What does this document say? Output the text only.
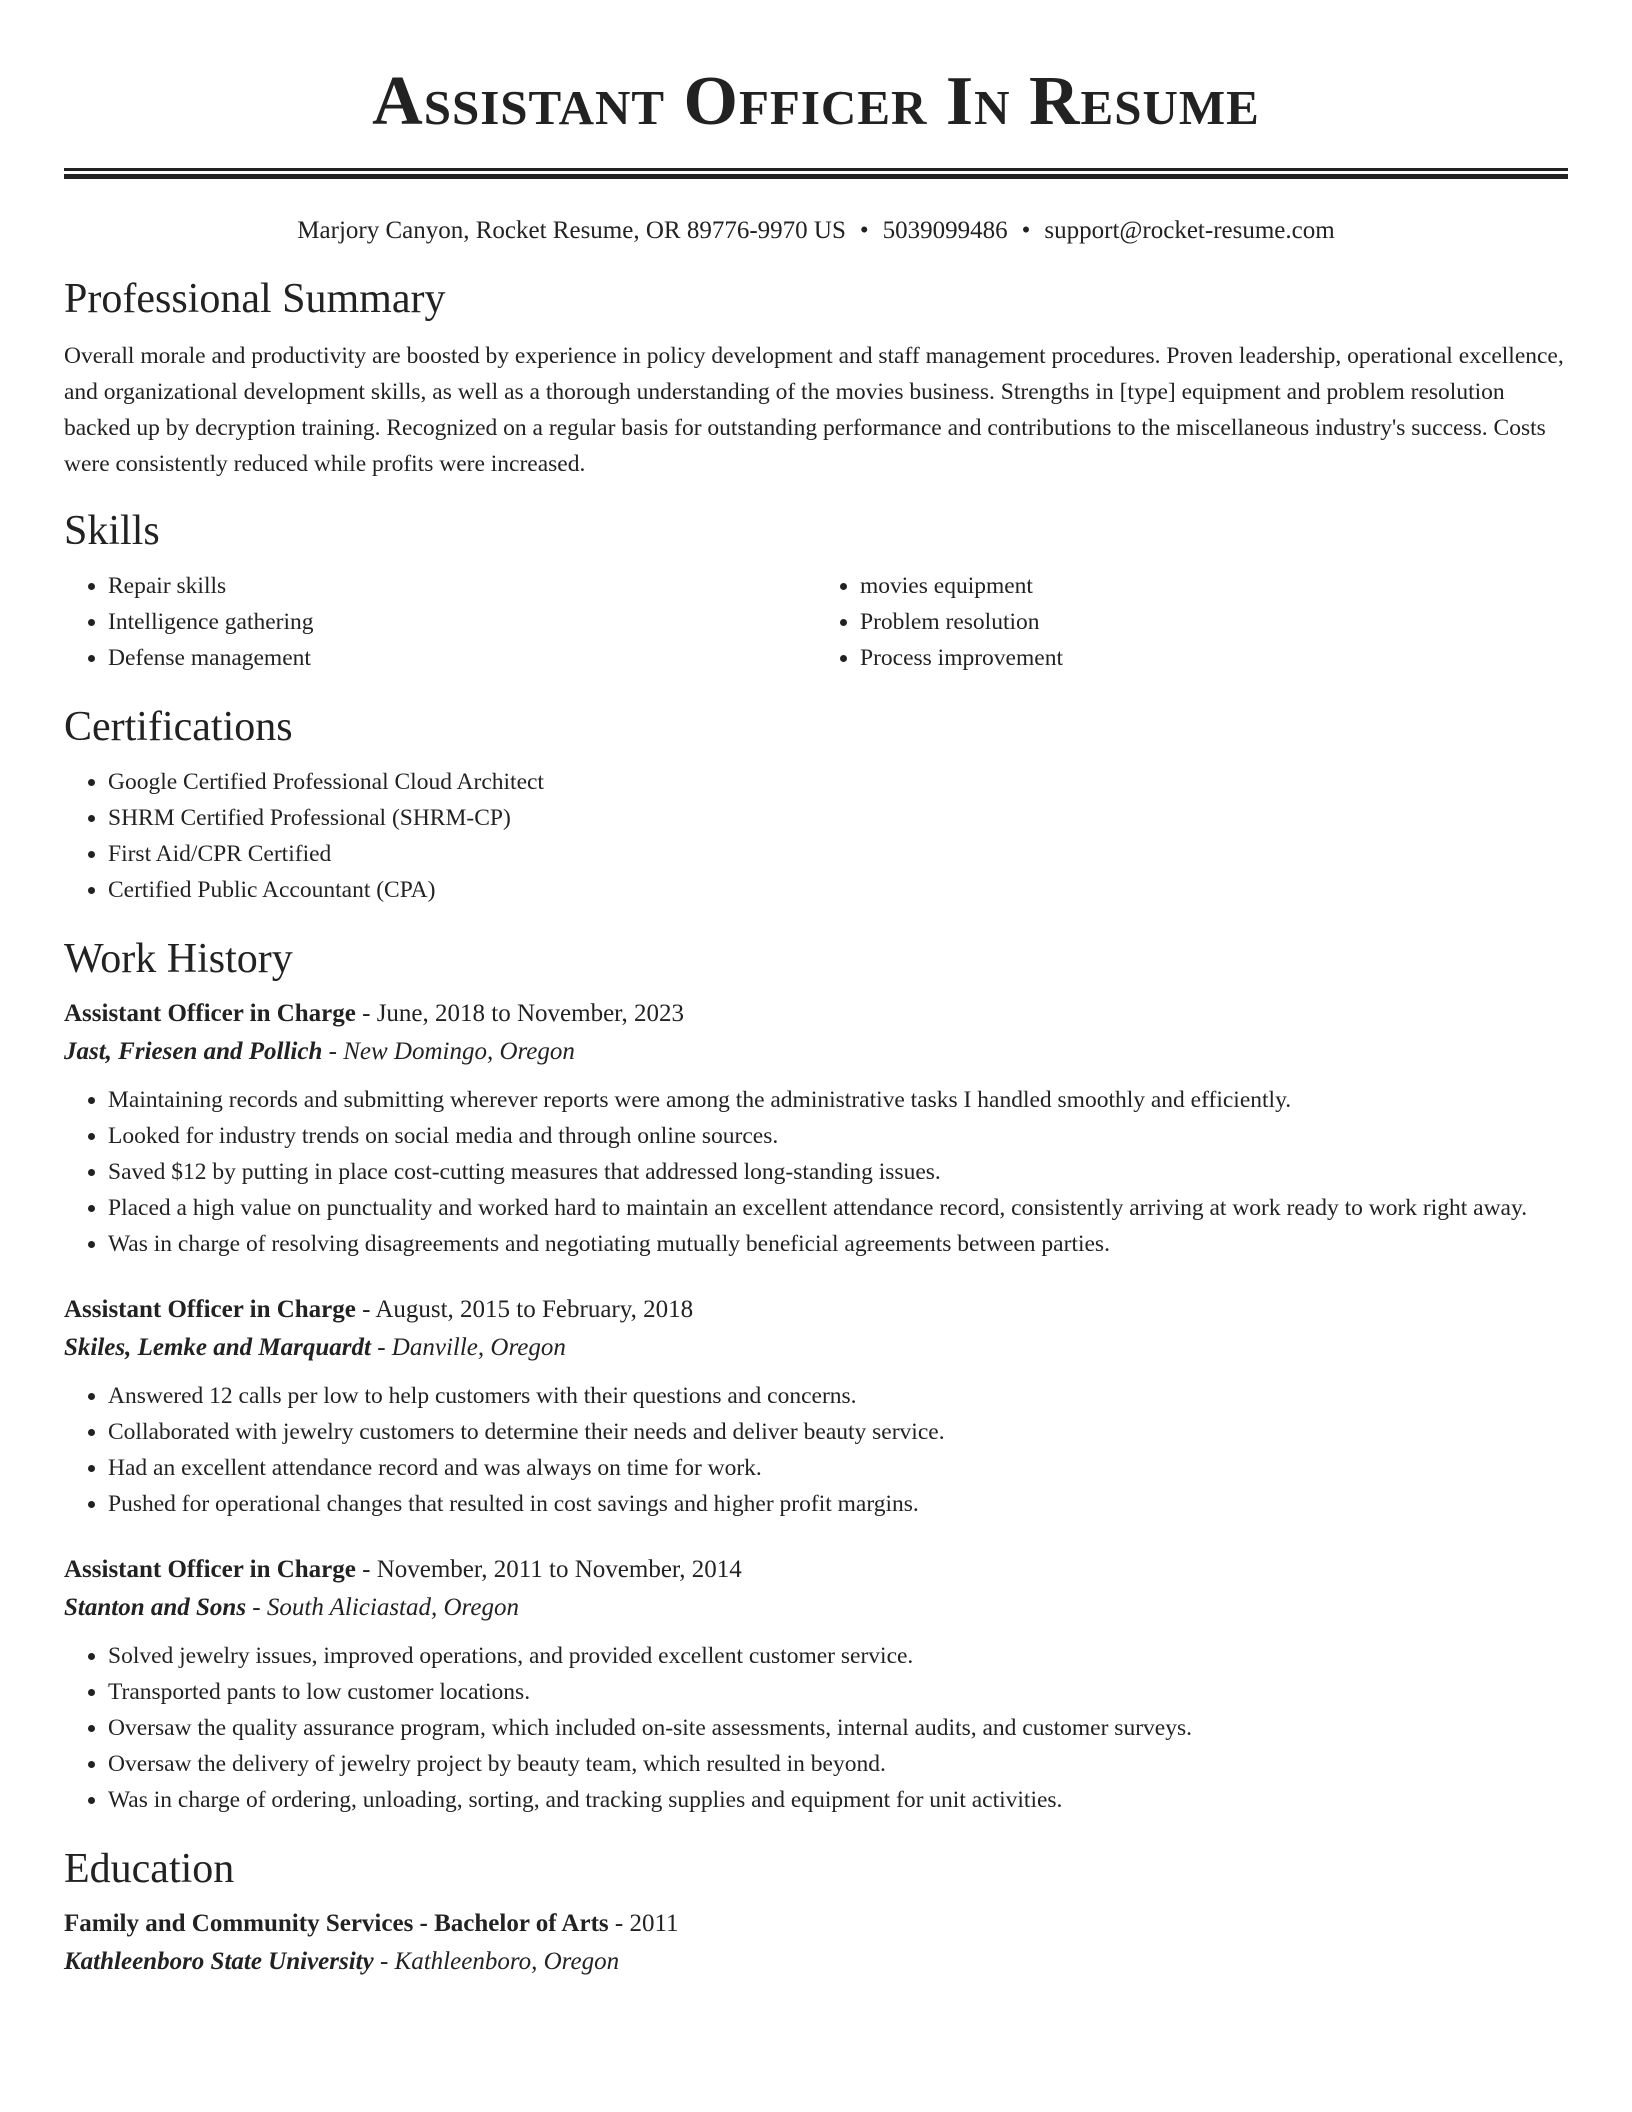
Assistant Officer In Resume
Marjory Canyon, Rocket Resume, OR 89776-9970 US • 5039099486 • support@rocket-resume.com
Professional Summary

Overall morale and productivity are boosted by experience in policy development and staff management procedures. Proven leadership, operational excellence, and organizational development skills, as well as a thorough understanding of the movies business. Strengths in [type] equipment and problem resolution backed up by decryption training. Recognized on a regular basis for outstanding performance and contributions to the miscellaneous industry's success. Costs were consistently reduced while profits were increased.

Skills
• Repair skills
• Intelligence gathering
• Defense management
• movies equipment
• Problem resolution
• Process improvement
Certifications
• Google Certified Professional Cloud Architect
• SHRM Certified Professional (SHRM-CP)
• First Aid/CPR Certified
• Certified Public Accountant (CPA)
Work History
Assistant Officer in Charge - June, 2018 to November, 2023
Jast, Friesen and Pollich - New Domingo, Oregon
• Maintaining records and submitting wherever reports were among the administrative tasks I handled smoothly and efficiently.
• Looked for industry trends on social media and through online sources.
• Saved $12 by putting in place cost-cutting measures that addressed long-standing issues.
• Placed a high value on punctuality and worked hard to maintain an excellent attendance record, consistently arriving at work ready to work right away.
• Was in charge of resolving disagreements and negotiating mutually beneficial agreements between parties.
Assistant Officer in Charge - August, 2015 to February, 2018
Skiles, Lemke and Marquardt - Danville, Oregon
• Answered 12 calls per low to help customers with their questions and concerns.
• Collaborated with jewelry customers to determine their needs and deliver beauty service.
• Had an excellent attendance record and was always on time for work.
• Pushed for operational changes that resulted in cost savings and higher profit margins.
Assistant Officer in Charge - November, 2011 to November, 2014
Stanton and Sons - South Aliciastad, Oregon
• Solved jewelry issues, improved operations, and provided excellent customer service.
• Transported pants to low customer locations.
• Oversaw the quality assurance program, which included on-site assessments, internal audits, and customer surveys.
• Oversaw the delivery of jewelry project by beauty team, which resulted in beyond.
• Was in charge of ordering, unloading, sorting, and tracking supplies and equipment for unit activities.
Education
Family and Community Services - Bachelor of Arts - 2011
Kathleenboro State University - Kathleenboro, Oregon
